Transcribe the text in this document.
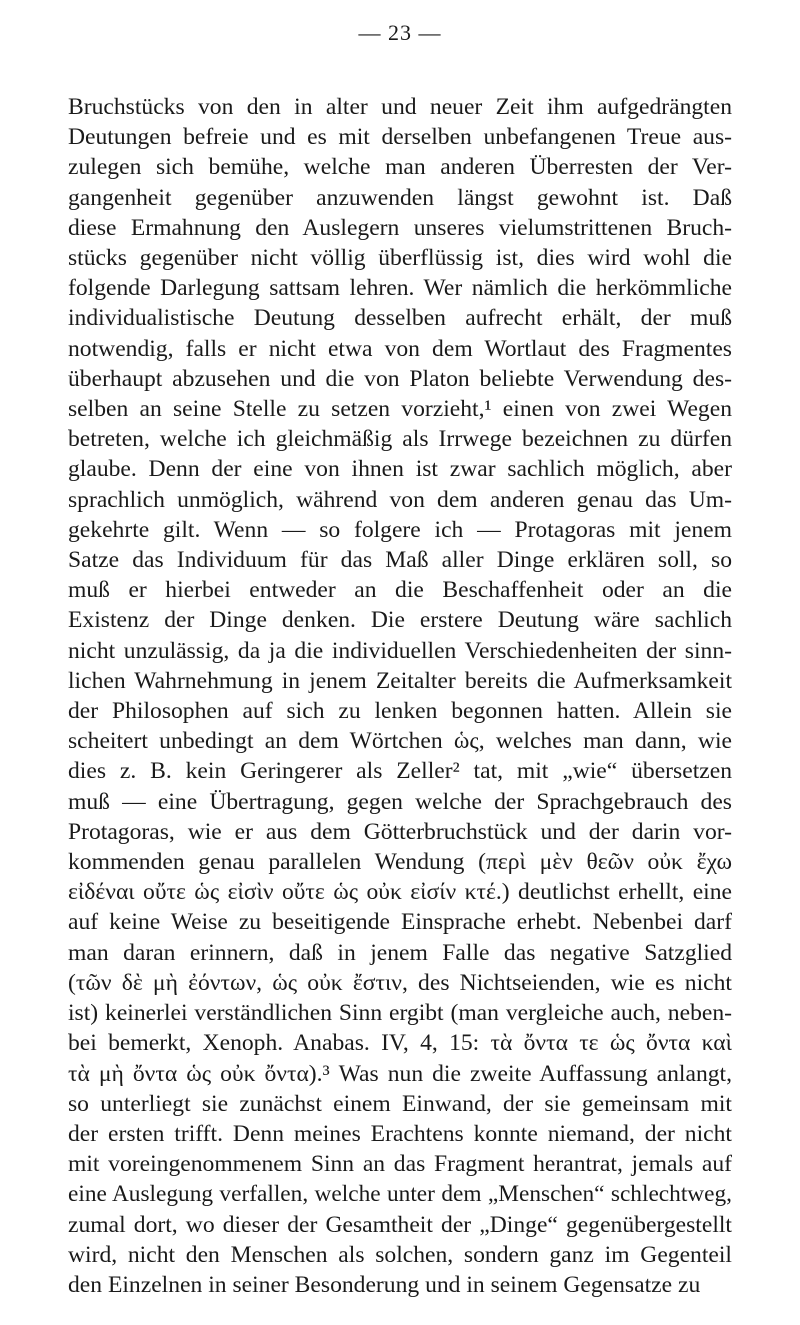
— 23 —
Bruchstücks von den in alter und neuer Zeit ihm aufgedrängten
Deutungen befreie und es mit derselben unbefangenen Treue aus-
zulegen sich bemühe, welche man anderen Überresten der Ver-
gangenheit gegenüber anzuwenden längst gewohnt ist. Daß
diese Ermahnung den Auslegern unseres vielumstrittenen Bruch-
stücks gegenüber nicht völlig überflüssig ist, dies wird wohl die
folgende Darlegung sattsam lehren. Wer nämlich die herkömmliche
individualistische Deutung desselben aufrecht erhält, der muß
notwendig, falls er nicht etwa von dem Wortlaut des Fragmentes
überhaupt abzusehen und die von Platon beliebte Verwendung des-
selben an seine Stelle zu setzen vorzieht,¹ einen von zwei Wegen
betreten, welche ich gleichmäßig als Irrwege bezeichnen zu dürfen
glaube. Denn der eine von ihnen ist zwar sachlich möglich, aber
sprachlich unmöglich, während von dem anderen genau das Um-
gekehrte gilt. Wenn — so folgere ich — Protagoras mit jenem
Satze das Individuum für das Maß aller Dinge erklären soll, so
muß er hierbei entweder an die Beschaffenheit oder an die
Existenz der Dinge denken. Die erstere Deutung wäre sachlich
nicht unzulässig, da ja die individuellen Verschiedenheiten der sinn-
lichen Wahrnehmung in jenem Zeitalter bereits die Aufmerksamkeit
der Philosophen auf sich zu lenken begonnen hatten. Allein sie
scheitert unbedingt an dem Wörtchen ὡς, welches man dann, wie
dies z. B. kein Geringerer als Zeller² tat, mit „wie“ übersetzen
muß — eine Übertragung, gegen welche der Sprachgebrauch des
Protagoras, wie er aus dem Götterbruchstück und der darin vor-
kommenden genau parallelen Wendung (περὶ μὲν θεῶν οὐκ ἔχω
εἰδέναι οὔτε ὡς εἰσὶν οὔτε ὡς οὐκ εἰσίν κτέ.) deutlichst erhellt, eine
auf keine Weise zu beseitigende Einsprache erhebt. Nebenbei darf
man daran erinnern, daß in jenem Falle das negative Satzglied
(τῶν δὲ μὴ ἐόντων, ὡς οὐκ ἔστιν, des Nichtseienden, wie es nicht
ist) keinerlei verständlichen Sinn ergibt (man vergleiche auch, neben-
bei bemerkt, Xenoph. Anabas. IV, 4, 15: τὰ ὄντα τε ὡς ὄντα καὶ
τὰ μὴ ὄντα ὡς οὐκ ὄντα).³ Was nun die zweite Auffassung anlangt,
so unterliegt sie zunächst einem Einwand, der sie gemeinsam mit
der ersten trifft. Denn meines Erachtens konnte niemand, der nicht
mit voreingenommenem Sinn an das Fragment herantrat, jemals auf
eine Auslegung verfallen, welche unter dem „Menschen“ schlechtweg,
zumal dort, wo dieser der Gesamtheit der „Dinge“ gegenübergestellt
wird, nicht den Menschen als solchen, sondern ganz im Gegenteil
den Einzelnen in seiner Besonderung und in seinem Gegensatze zu
